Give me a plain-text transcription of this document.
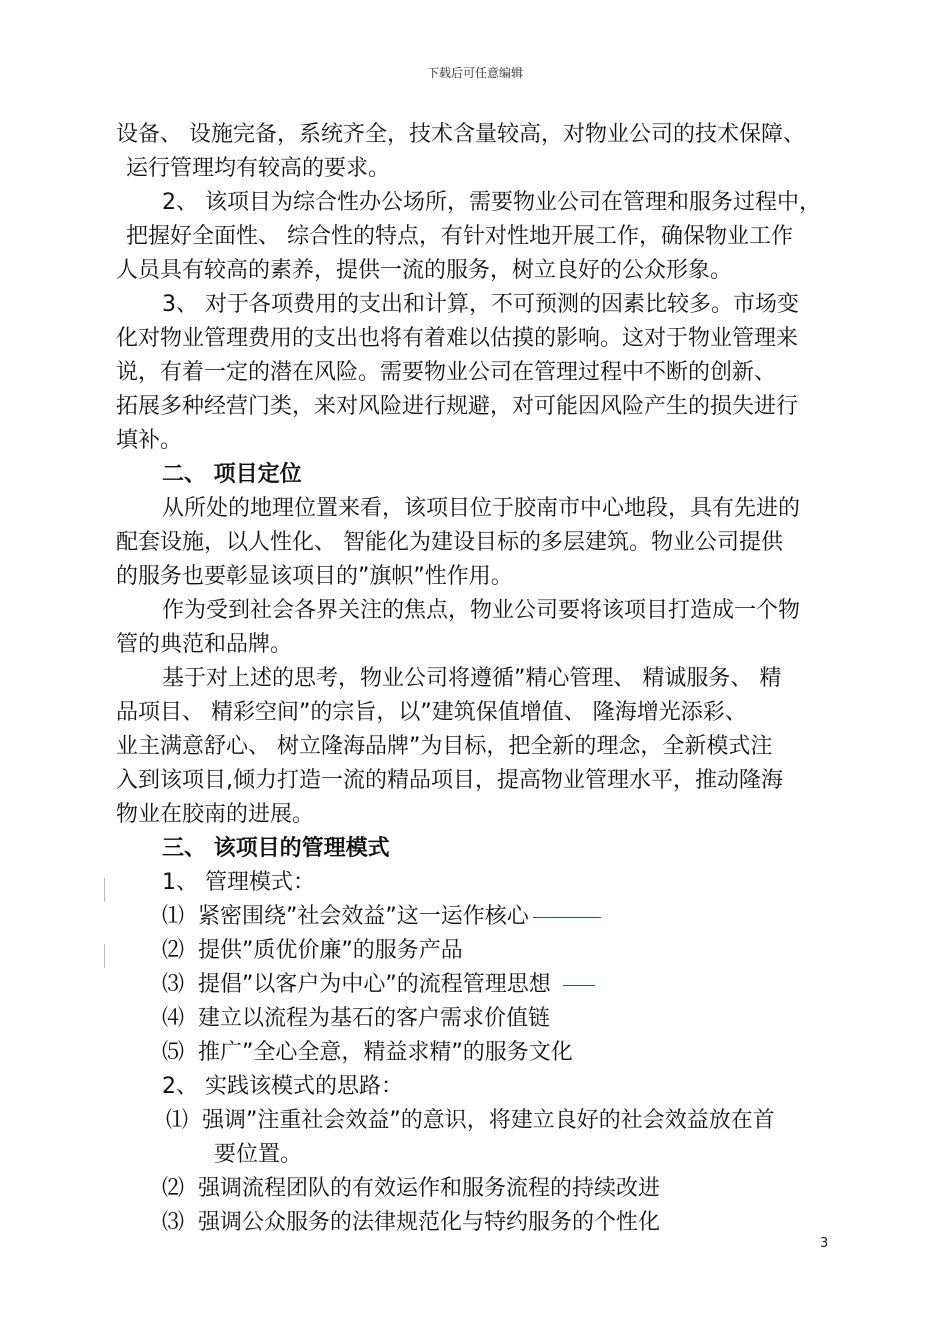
下载后可任意编辑
设备、 设施完备，系统齐全，技术含量较高，对物业公司的技术保障、
运行管理均有较高的要求。
2、 该项目为综合性办公场所，需要物业公司在管理和服务过程中，
把握好全面性、 综合性的特点，有针对性地开展工作，确保物业工作
人员具有较高的素养，提供一流的服务，树立良好的公众形象。
3、 对于各项费用的支出和计算，不可预测的因素比较多。市场变
化对物业管理费用的支出也将有着难以估摸的影响。这对于物业管理来
说，有着一定的潜在风险。需要物业公司在管理过程中不断的创新、
拓展多种经营门类，来对风险进行规避，对可能因风险产生的损失进行
填补。
二、 项目定位
从所处的地理位置来看，该项目位于胶南市中心地段，具有先进的
配套设施，以人性化、 智能化为建设目标的多层建筑。物业公司提供
的服务也要彰显该项目的”旗帜”性作用。
作为受到社会各界关注的焦点，物业公司要将该项目打造成一个物
管的典范和品牌。
基于对上述的思考，物业公司将遵循”精心管理、 精诚服务、 精
品项目、 精彩空间”的宗旨，以”建筑保值增值、 隆海增光添彩、
业主满意舒心、 树立隆海品牌”为目标，把全新的理念，全新模式注
入到该项目,倾力打造一流的精品项目，提高物业管理水平，推动隆海
物业在胶南的进展。
三、 该项目的管理模式
1、 管理模式：
⑴ 紧密围绕”社会效益”这一运作核心
⑵ 提供”质优价廉”的服务产品
⑶ 提倡”以客户为中心”的流程管理思想
⑷ 建立以流程为基石的客户需求价值链
⑸ 推广”全心全意，精益求精”的服务文化
2、 实践该模式的思路：
⑴ 强调”注重社会效益”的意识，将建立良好的社会效益放在首
要位置。
⑵ 强调流程团队的有效运作和服务流程的持续改进
⑶ 强调公众服务的法律规范化与特约服务的个性化
3
